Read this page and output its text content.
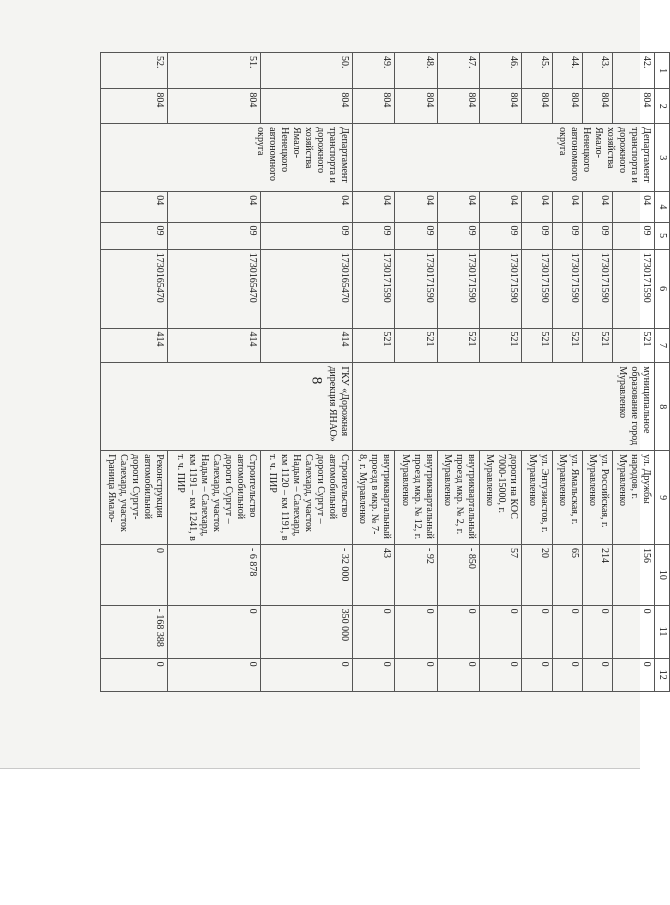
8
1	2	3	4	5	6	7	8	9	10	11	12
42.	804	Департамент транспорта и дорожного хозяйства Ямало-Ненецкого автономного округа	04	09	1730171590	521	муниципальное образование город Муравленко	ул. Дружбы народов, г. Муравленко	156	0	0
43.	804		04	09	1730171590	521		ул. Российская, г. Муравленко	214	0	0
44.	804		04	09	1730171590	521		ул. Ямальская, г. Муравленко	65	0	0
45.	804		04	09	1730171590	521		ул. Энтузиастов, г. Муравленко	20	0	0
46.	804		04	09	1730171590	521		дороги на КОС 7000-15000, г. Муравленко	57	0	0
47.	804		04	09	1730171590	521		внутриквартальный проезд мкр. № 2, г. Муравленко	- 850	0	0
48.	804		04	09	1730171590	521		внутриквартальный проезд мкр. № 12, г. Муравленко	- 92	0	0
49.	804		04	09	1730171590	521		внутриквартальный проезд в мкр. № 7-8, г. Муравленко	43	0	0
50.	804	Департамент транспорта и дорожного хозяйства Ямало-Ненецкого автономного округа	04	09	1730165470	414	ГКУ «Дорожная дирекция ЯНАО»	Строительство автомобильной дороги Сургут – Салехард, участок Надым – Салехард, км 1120 – км 1191, в т. ч. ПИР	- 32 000	350 000	0
51.	804		04	09	1730165470	414		Строительство автомобильной дороги Сургут – Салехард, участок Надым – Салехард, км 1191 – км 1241, в т. ч. ПИР	- 6 878	0	0
52.	804		04	09	1730165470	414		Реконструкция автомобильной дороги Сургут- Салехард, участок Граница Ямало-	0	- 168 388	0
